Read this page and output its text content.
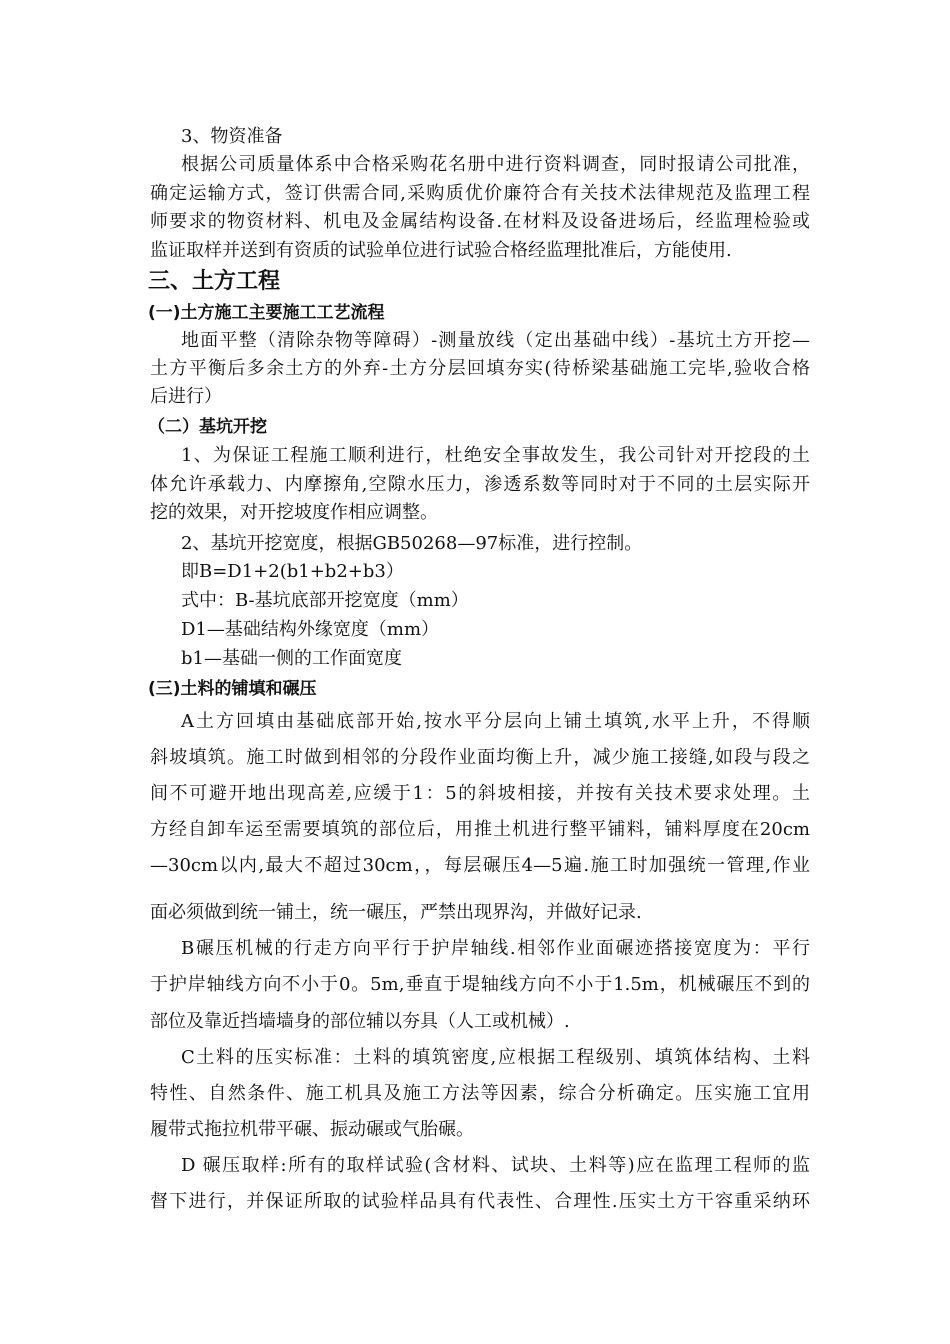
3、物资准备
根据公司质量体系中合格采购花名册中进行资料调查，同时报请公司批准，
确定运输方式，签订供需合同,采购质优价廉符合有关技术法律规范及监理工程
师要求的物资材料、机电及金属结构设备.在材料及设备进场后，经监理检验或
监证取样并送到有资质的试验单位进行试验合格经监理批准后，方能使用.
三、土方工程
(一)土方施工主要施工工艺流程
地面平整（清除杂物等障碍）-测量放线（定出基础中线）-基坑土方开挖—
土方平衡后多余土方的外弃-土方分层回填夯实(待桥梁基础施工完毕,验收合格
后进行）
（二）基坑开挖
1、为保证工程施工顺利进行，杜绝安全事故发生，我公司针对开挖段的土
体允许承载力、内摩擦角,空隙水压力，渗透系数等同时对于不同的土层实际开
挖的效果，对开挖坡度作相应调整。
2、基坑开挖宽度，根据GB50268—97标准，进行控制。
即B=D1+2(b1+b2+b3）
式中：B-基坑底部开挖宽度（mm）
D1—基础结构外缘宽度（mm）
b1—基础一侧的工作面宽度
(三)土料的铺填和碾压
A土方回填由基础底部开始,按水平分层向上铺土填筑,水平上升，不得顺
斜坡填筑。施工时做到相邻的分段作业面均衡上升，减少施工接缝,如段与段之
间不可避开地出现高差,应缓于1：5的斜坡相接，并按有关技术要求处理。土
方经自卸车运至需要填筑的部位后，用推土机进行整平铺料，铺料厚度在20cm
—30cm以内,最大不超过30cm，，每层碾压4—5遍.施工时加强统一管理,作业
面必须做到统一铺土，统一碾压，严禁出现界沟，并做好记录.
B碾压机械的行走方向平行于护岸轴线.相邻作业面碾迹搭接宽度为：平行
于护岸轴线方向不小于0。5m,垂直于堤轴线方向不小于1.5m，机械碾压不到的
部位及靠近挡墙墙身的部位辅以夯具（人工或机械）.
C土料的压实标准：土料的填筑密度,应根据工程级别、填筑体结构、土料
特性、自然条件、施工机具及施工方法等因素，综合分析确定。压实施工宜用
履带式拖拉机带平碾、振动碾或气胎碾。
D 碾压取样:所有的取样试验(含材料、试块、土料等)应在监理工程师的监
督下进行，并保证所取的试验样品具有代表性、合理性.压实土方干容重采纳环
